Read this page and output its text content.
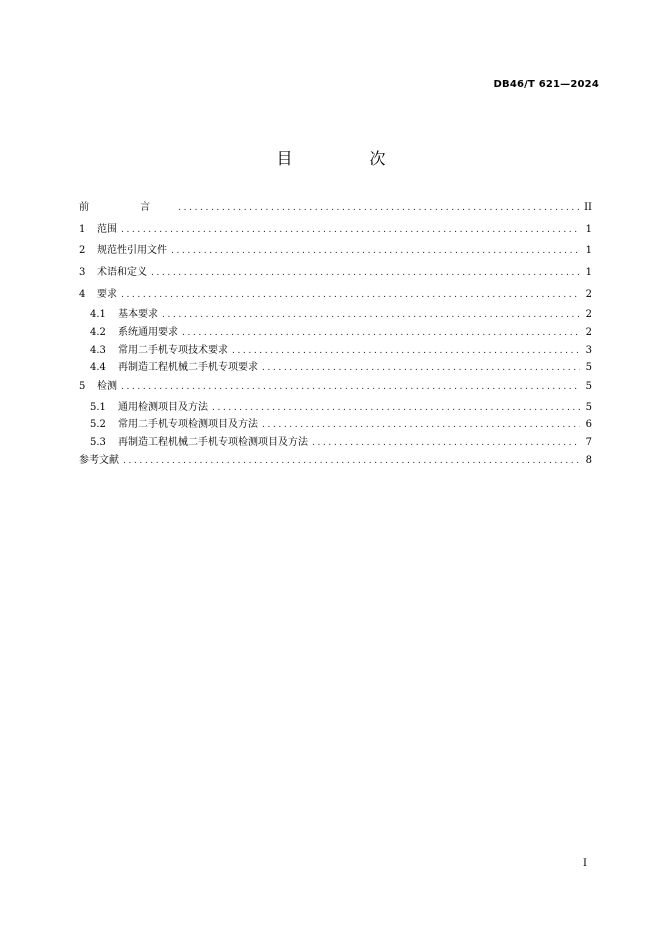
DB46/T 621—2024
目 次
前 言 .....	II
1	范围 .....	1
2	规范性引用文件 .....	1
3	术语和定义 .....	1
4	要求 .....	2
4.1	基本要求 .....	2
4.2	系统通用要求 .....	2
4.3	常用二手机专项技术要求 .....	3
4.4	再制造工程机械二手机专项要求 .....	5
5	检测 .....	5
5.1	通用检测项目及方法 .....	5
5.2	常用二手机专项检测项目及方法 .....	6
5.3	再制造工程机械二手机专项检测项目及方法 .....	7
参考文献 .....	8
I
